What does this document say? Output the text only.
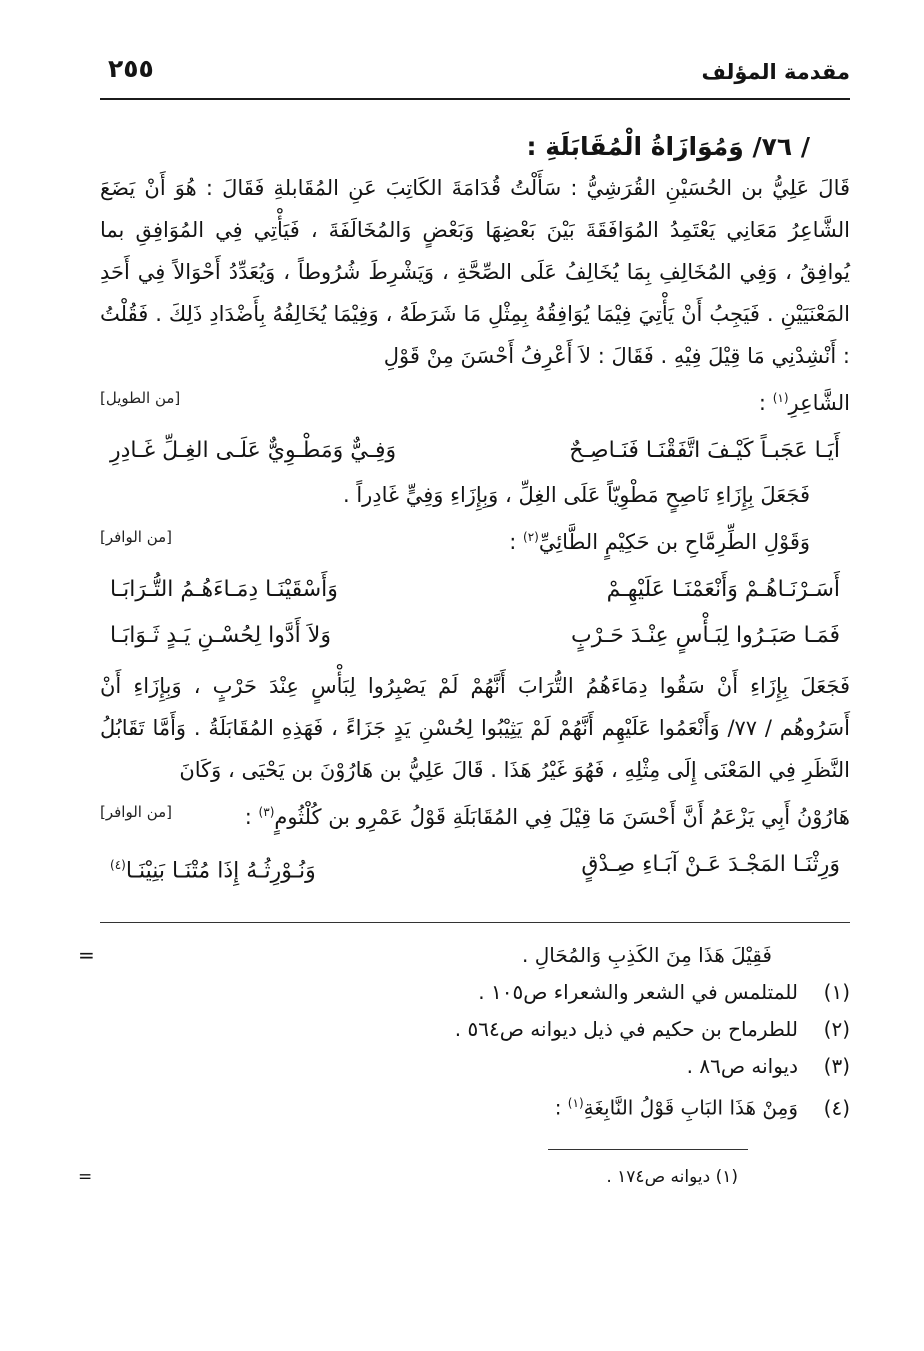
مقدمة المؤلف
٢٥٥
/ ٧٦/ وَمُوَازَاةُ الْمُقَابَلَةِ :

قَالَ عَلِيُّ بن الحُسَيْنِ القُرَشِيُّ : سَأَلْتُ قُدَامَةَ الكَاتِبَ عَنِ المُقَابلةِ فَقَالَ : هُوَ أَنْ يَضَعَ الشَّاعِرُ مَعَانِي يَعْتَمِدُ المُوَافَقَةَ بَيْنَ بَعْضِهَا وَبَعْضٍ وَالمُخَالَفَةَ ، فَيَأْتِي فِي المُوَافِقِ بما يُوافِقُ ، وَفِي المُخَالِفِ بِمَا يُخَالِفُ عَلَى الصِّحَّةِ ، وَيَشْرِطَ شُرُوطاً ، وَيُعَدِّدُ أَحْوَالاً فِي أَحَدِ المَعْنَيَيْنِ . فَيَجِبُ أَنْ يَأْتِيَ فِيْمَا يُوَافِقُهُ بِمِثْلِ مَا شَرَطَهُ ، وَفِيْمَا يُخَالِفُهُ بِأَضْدَادِ ذَلِكَ . فَقُلْتُ : أَنْشِدْنِي مَا قِيْلَ فِيْهِ . فَقَالَ : لاَ أَعْرِفُ أَحْسَنَ مِنْ قَوْلِ

الشَّاعِرِ$^{(١)}$ :
[من الطويل]
أَيَـا عَجَبـاً كَيْـفَ اتَّفَقْنَـا فَنَـاصِـحٌ
وَفِـيٌّ وَمَطْـوِيٌّ عَلَـى الغِـلِّ غَـادِرِ
فَجَعَلَ بِإِزَاءِ نَاصِحٍ مَطْوِيّاً عَلَى الغِلِّ ، وَبِإِزَاءِ وَفِيٍّ غَادِراً .
وَقَوْلِ الطِّرِمَّاحِ بن حَكِيْمٍ الطَّائِيِّ$^{(٢)}$ :
[من الوافر]
أَسَـرْنَـاهُـمْ وَأَنْعَمْنَـا عَلَيْهِـمْ
وَأَسْقَيْنَـا دِمَـاءَهُـمُ التُّـرَابَـا
فَمَـا صَبَـرُوا لِبَـأْسٍ عِنْـدَ حَـرْبٍ
وَلاَ أَدَّوا لِحُسْـنِ يَـدٍ ثَـوَابَـا

فَجَعَلَ بِإِزَاءِ أَنْ سَقُوا دِمَاءَهُمُ التُّرَابَ أَنَّهُمْ لَمْ يَصْبِرُوا لِبَأْسٍ عِنْدَ حَرْبٍ ، وَبِإِزَاءِ أَنْ أَسَرُوهُم / ٧٧/ وَأَنْعَمُوا عَلَيْهِم أَنَّهُمْ لَمْ يَثِيْبُوا لِحُسْنِ يَدٍ جَزَاءً ، فَهَذِهِ المُقَابَلَةُ . وَأَمَّا تَقَابُلُ النَّظَرِ فِي المَعْنَى إِلَى مِثْلِهِ ، فَهُوَ غَيْرُ هَذَا . قَالَ عَلِيُّ بن هَارُوْنَ بن يَحْيَى ، وَكَانَ

هَارُوْنُ أَبِي يَزْعَمُ أَنَّ أَحْسَنَ مَا قِيْلَ فِي المُقَابَلَةِ قَوْلُ عَمْرِو بن كُلْثُومٍ$^{(٣)}$ :
[من الوافر]
وَرِثْنَـا المَجْـدَ عَـنْ آبَـاءِ صِـدْقٍ
وَنُـوْرِثُـهُ إِذَا مُتْنَـا بَنِيْنَـا$^{(٤)}$
فَقِيْلَ هَذَا مِنَ الكَذِبِ وَالمُحَالِ .
=
(١)للمتلمس في الشعر والشعراء ص١٠٥ .
(٢)للطرماح بن حكيم في ذيل ديوانه ص٥٦٤ .
(٣)ديوانه ص٨٦ .
(٤)وَمِنْ هَذَا البَابِ قَوْلُ النَّابِغَةِ$^{(١)}$ :
(١) ديوانه ص١٧٤ .
=
